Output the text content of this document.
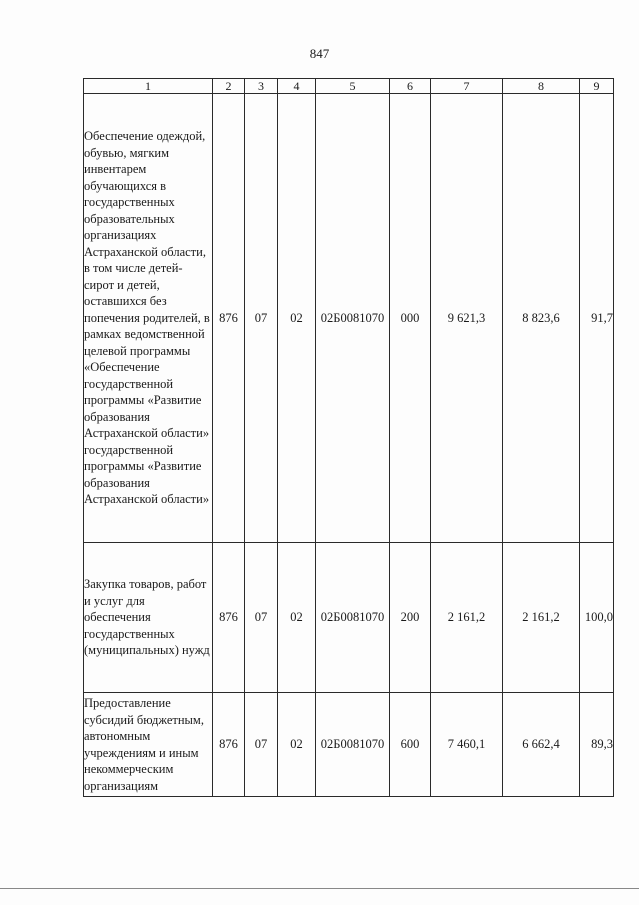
847
1	2	3	4	5	6	7	8	9
Обеспечение одеждой, обувью, мягким инвентарем обучающихся в государственных образовательных организациях Астраханской области, в том числе детей-сирот и детей, оставшихся без попечения родителей, в рамках ведомственной целевой программы «Обеспечение государственной программы «Развитие образования Астраханской области» государственной программы «Развитие образования Астраханской области»	876	07	02	02Б0081070	000	9 621,3	8 823,6	91,7
Закупка товаров, работ и услуг для обеспечения государственных (муниципальных) нужд	876	07	02	02Б0081070	200	2 161,2	2 161,2	100,0
Предоставление субсидий бюджетным, автономным учреждениям и иным некоммерческим организациям	876	07	02	02Б0081070	600	7 460,1	6 662,4	89,3
